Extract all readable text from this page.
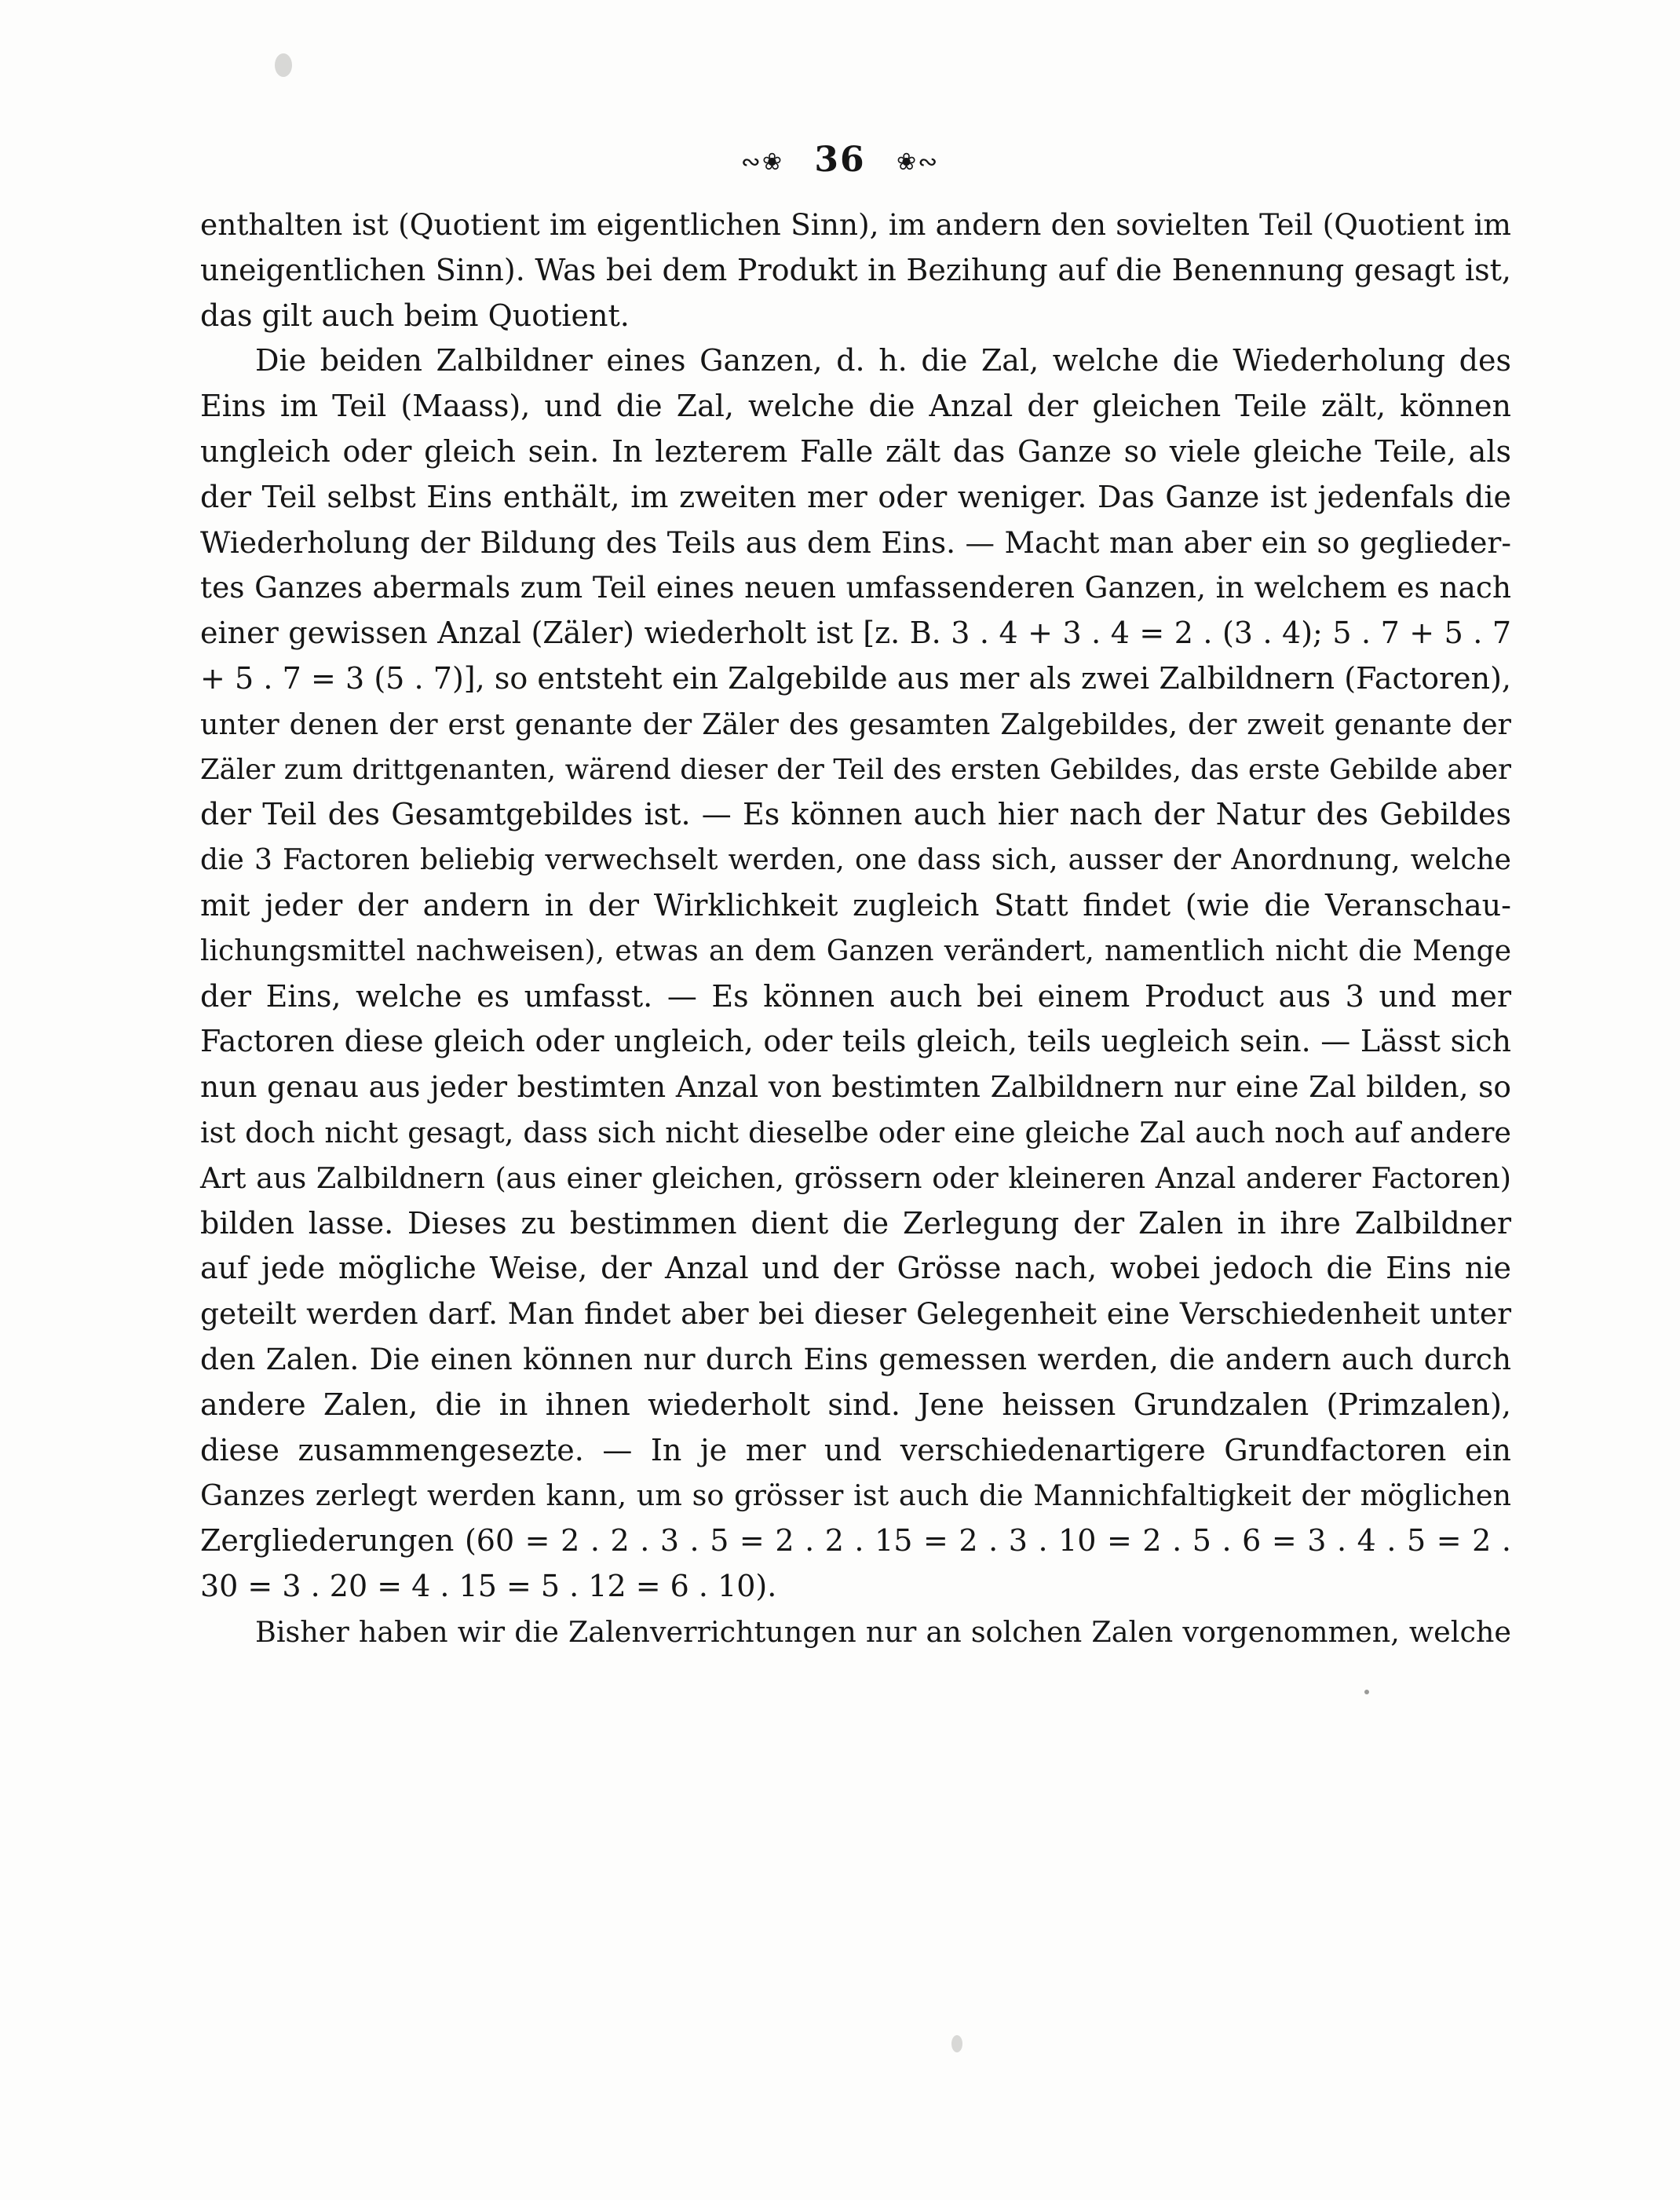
∾❀ 36 ❀∾
enthalten ist (Quotient im eigentlichen Sinn), im andern den sovielten Teil (Quotient im
uneigentlichen Sinn). Was bei dem Produkt in Bezihung auf die Benennung gesagt ist,
das gilt auch beim Quotient.
Die beiden Zalbildner eines Ganzen, d. h. die Zal, welche die Wiederholung des
Eins im Teil (Maass), und die Zal, welche die Anzal der gleichen Teile zält, können
ungleich oder gleich sein. In lezterem Falle zält das Ganze so viele gleiche Teile, als
der Teil selbst Eins enthält, im zweiten mer oder weniger. Das Ganze ist jedenfals die
Wiederholung der Bildung des Teils aus dem Eins. — Macht man aber ein so geglieder-
tes Ganzes abermals zum Teil eines neuen umfassenderen Ganzen, in welchem es nach
einer gewissen Anzal (Zäler) wiederholt ist [z. B. 3 . 4 + 3 . 4 = 2 . (3 . 4); 5 . 7 + 5 . 7
+ 5 . 7 = 3 (5 . 7)], so entsteht ein Zalgebilde aus mer als zwei Zalbildnern (Factoren),
unter denen der erst genante der Zäler des gesamten Zalgebildes, der zweit genante der
Zäler zum drittgenanten, wärend dieser der Teil des ersten Gebildes, das erste Gebilde aber
der Teil des Gesamtgebildes ist. — Es können auch hier nach der Natur des Gebildes
die 3 Factoren beliebig verwechselt werden, one dass sich, ausser der Anordnung, welche
mit jeder der andern in der Wirklichkeit zugleich Statt findet (wie die Veranschau-
lichungsmittel nachweisen), etwas an dem Ganzen verändert, namentlich nicht die Menge
der Eins, welche es umfasst. — Es können auch bei einem Product aus 3 und mer
Factoren diese gleich oder ungleich, oder teils gleich, teils uegleich sein. — Lässt sich
nun genau aus jeder bestimten Anzal von bestimten Zalbildnern nur eine Zal bilden, so
ist doch nicht gesagt, dass sich nicht dieselbe oder eine gleiche Zal auch noch auf andere
Art aus Zalbildnern (aus einer gleichen, grössern oder kleineren Anzal anderer Factoren)
bilden lasse. Dieses zu bestimmen dient die Zerlegung der Zalen in ihre Zalbildner
auf jede mögliche Weise, der Anzal und der Grösse nach, wobei jedoch die Eins nie
geteilt werden darf. Man findet aber bei dieser Gelegenheit eine Verschiedenheit unter
den Zalen. Die einen können nur durch Eins gemessen werden, die andern auch durch
andere Zalen, die in ihnen wiederholt sind. Jene heissen Grundzalen (Primzalen),
diese zusammengesezte. — In je mer und verschiedenartigere Grundfactoren ein
Ganzes zerlegt werden kann, um so grösser ist auch die Mannichfaltigkeit der möglichen
Zergliederungen (60 = 2 . 2 . 3 . 5 = 2 . 2 . 15 = 2 . 3 . 10 = 2 . 5 . 6 = 3 . 4 . 5 = 2 .
30 = 3 . 20 = 4 . 15 = 5 . 12 = 6 . 10).
Bisher haben wir die Zalenverrichtungen nur an solchen Zalen vorgenommen, welche
